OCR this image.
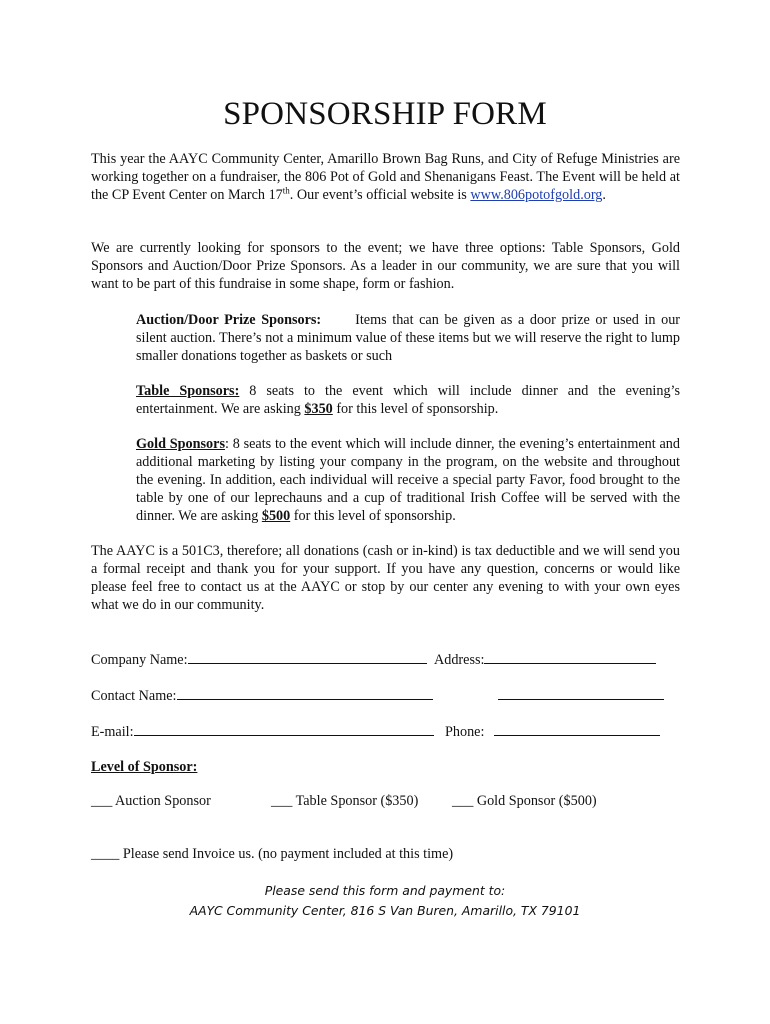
SPONSORSHIP FORM
This year the AAYC Community Center, Amarillo Brown Bag Runs, and City of Refuge Ministries are working together on a fundraiser, the 806 Pot of Gold and Shenanigans Feast. The Event will be held at the CP Event Center on March 17th. Our event’s official website is www.806potofgold.org.
We are currently looking for sponsors to the event; we have three options: Table Sponsors, Gold Sponsors and Auction/Door Prize Sponsors. As a leader in our community, we are sure that you will want to be part of this fundraise in some shape, form or fashion.
Auction/Door Prize Sponsors: Items that can be given as a door prize or used in our silent auction. There’s not a minimum value of these items but we will reserve the right to lump smaller donations together as baskets or such
Table Sponsors: 8 seats to the event which will include dinner and the evening’s entertainment. We are asking $350 for this level of sponsorship.
Gold Sponsors: 8 seats to the event which will include dinner, the evening’s entertainment and additional marketing by listing your company in the program, on the website and throughout the evening. In addition, each individual will receive a special party Favor, food brought to the table by one of our leprechauns and a cup of traditional Irish Coffee will be served with the dinner. We are asking $500 for this level of sponsorship.
The AAYC is a 501C3, therefore; all donations (cash or in-kind) is tax deductible and we will send you a formal receipt and thank you for your support. If you have any question, concerns or would like please feel free to contact us at the AAYC or stop by our center any evening to with your own eyes what we do in our community.
Company Name:	Address:
Contact Name:
E-mail:	Phone:
Level of Sponsor:
___ Auction Sponsor	___ Table Sponsor ($350) ___ Gold Sponsor ($500)
____ Please send Invoice us. (no payment included at this time)
Please send this form and payment to:
AAYC Community Center, 816 S Van Buren, Amarillo, TX 79101
